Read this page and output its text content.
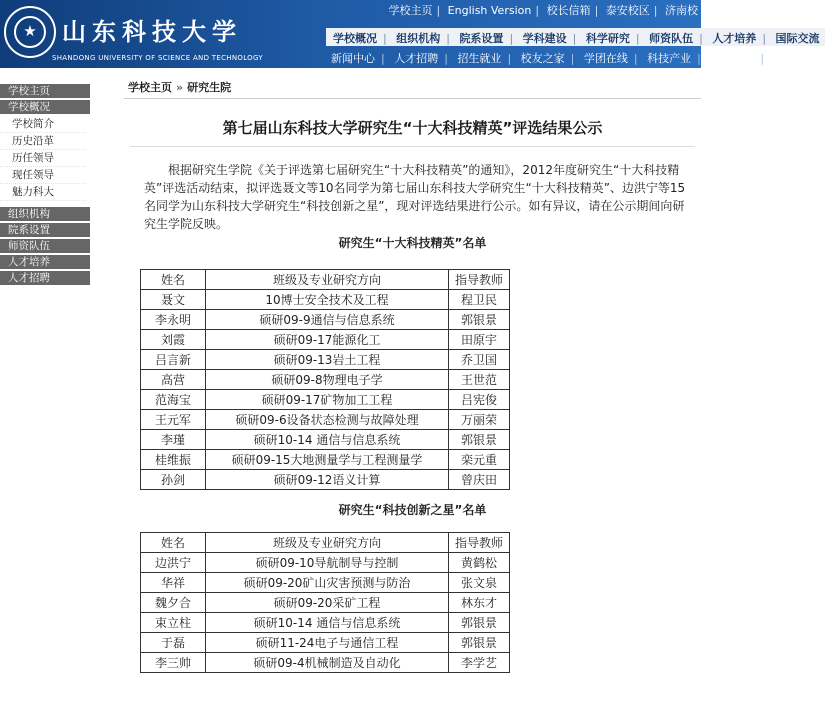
★ 山东科技大学
SHANDONG UNIVERSITY OF SCIENCE AND TECHNOLOGY
学校主页 | English Version | 校长信箱 | 泰安校区 | 济南校
学校概况 | 组织机构 | 院系设置 | 学科建设 | 科学研究 | 师资队伍 | 人才培养 | 国际交流
新闻中心 | 人才招聘 | 招生就业 | 校友之家 | 学团在线 | 科技产业 | 信息服务 | 学术期刊
学校主页
学校概况
学校简介
历史沿革
历任领导
现任领导
魅力科大
组织机构
院系设置
师资队伍
人才培养
人才招聘
学校主页 » 研究生院
第七届山东科技大学研究生“十大科技精英”评选结果公示
根据研究生学院《关于评选第七届研究生“十大科技精英”的通知》，2012年度研究生“十大科技精英”评选活动结束，拟评选聂文等10名同学为第七届山东科技大学研究生“十大科技精英”、边洪宁等15名同学为山东科技大学研究生“科技创新之星”，现对评选结果进行公示。如有异议，请在公示期间向研究生学院反映。
研究生“十大科技精英”名单
姓名	班级及专业研究方向	指导教师
聂文	10博士安全技术及工程	程卫民
李永明	硕研09-9通信与信息系统	郭银景
刘霞	硕研09-17能源化工	田原宇
吕言新	硕研09-13岩土工程	乔卫国
高营	硕研09-8物理电子学	王世范
范海宝	硕研09-17矿物加工工程	吕宪俊
王元军	硕研09-6设备状态检测与故障处理	万丽荣
李瑾	硕研10-14 通信与信息系统	郭银景
桂维振	硕研09-15大地测量学与工程测量学	栾元重
孙剑	硕研09-12语义计算	曾庆田
研究生“科技创新之星”名单
姓名	班级及专业研究方向	指导教师
边洪宁	硕研09-10导航制导与控制	黄鹤松
华祥	硕研09-20矿山灾害预测与防治	张文泉
魏夕合	硕研09-20采矿工程	林东才
束立柱	硕研10-14 通信与信息系统	郭银景
于磊	硕研11-24电子与通信工程	郭银景
李三帅	硕研09-4机械制造及自动化	李学艺
